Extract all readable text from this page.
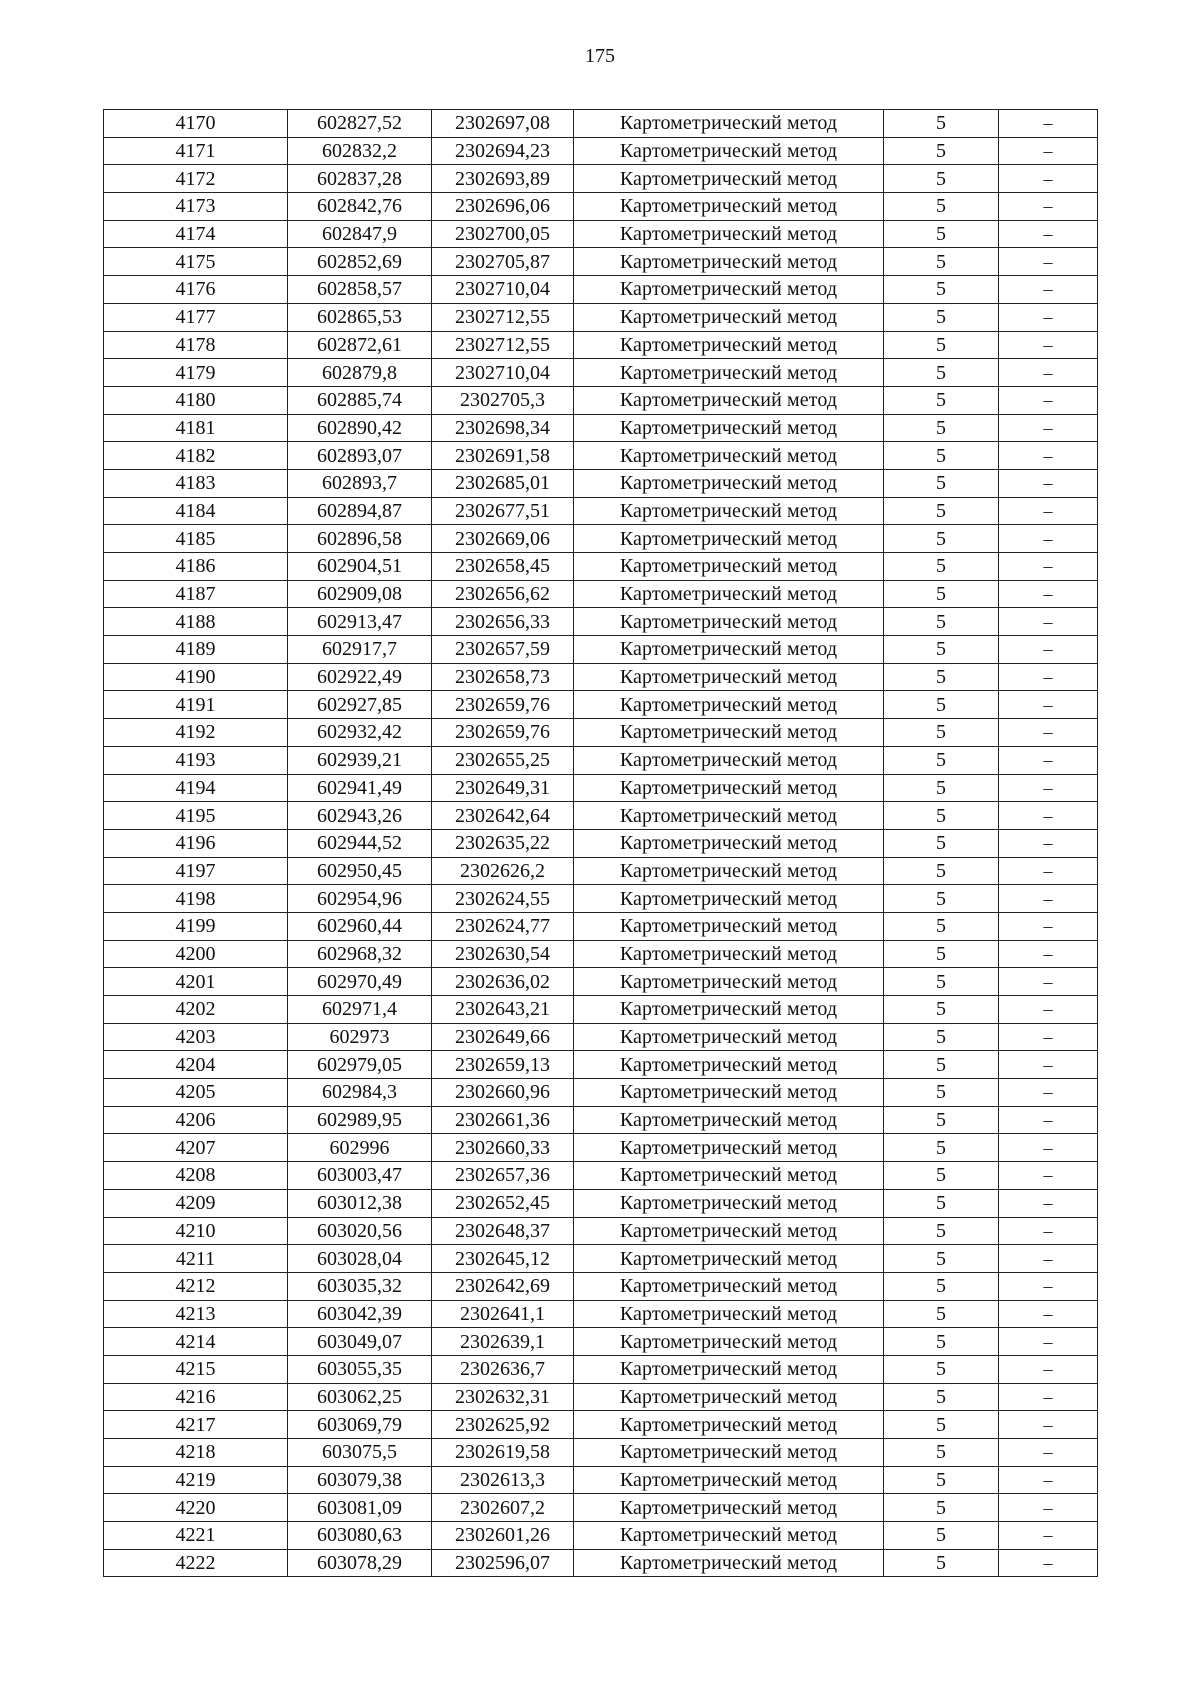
175
4170	602827,52	2302697,08	Картометрический метод	5	–
4171	602832,2	2302694,23	Картометрический метод	5	–
4172	602837,28	2302693,89	Картометрический метод	5	–
4173	602842,76	2302696,06	Картометрический метод	5	–
4174	602847,9	2302700,05	Картометрический метод	5	–
4175	602852,69	2302705,87	Картометрический метод	5	–
4176	602858,57	2302710,04	Картометрический метод	5	–
4177	602865,53	2302712,55	Картометрический метод	5	–
4178	602872,61	2302712,55	Картометрический метод	5	–
4179	602879,8	2302710,04	Картометрический метод	5	–
4180	602885,74	2302705,3	Картометрический метод	5	–
4181	602890,42	2302698,34	Картометрический метод	5	–
4182	602893,07	2302691,58	Картометрический метод	5	–
4183	602893,7	2302685,01	Картометрический метод	5	–
4184	602894,87	2302677,51	Картометрический метод	5	–
4185	602896,58	2302669,06	Картометрический метод	5	–
4186	602904,51	2302658,45	Картометрический метод	5	–
4187	602909,08	2302656,62	Картометрический метод	5	–
4188	602913,47	2302656,33	Картометрический метод	5	–
4189	602917,7	2302657,59	Картометрический метод	5	–
4190	602922,49	2302658,73	Картометрический метод	5	–
4191	602927,85	2302659,76	Картометрический метод	5	–
4192	602932,42	2302659,76	Картометрический метод	5	–
4193	602939,21	2302655,25	Картометрический метод	5	–
4194	602941,49	2302649,31	Картометрический метод	5	–
4195	602943,26	2302642,64	Картометрический метод	5	–
4196	602944,52	2302635,22	Картометрический метод	5	–
4197	602950,45	2302626,2	Картометрический метод	5	–
4198	602954,96	2302624,55	Картометрический метод	5	–
4199	602960,44	2302624,77	Картометрический метод	5	–
4200	602968,32	2302630,54	Картометрический метод	5	–
4201	602970,49	2302636,02	Картометрический метод	5	–
4202	602971,4	2302643,21	Картометрический метод	5	–
4203	602973	2302649,66	Картометрический метод	5	–
4204	602979,05	2302659,13	Картометрический метод	5	–
4205	602984,3	2302660,96	Картометрический метод	5	–
4206	602989,95	2302661,36	Картометрический метод	5	–
4207	602996	2302660,33	Картометрический метод	5	–
4208	603003,47	2302657,36	Картометрический метод	5	–
4209	603012,38	2302652,45	Картометрический метод	5	–
4210	603020,56	2302648,37	Картометрический метод	5	–
4211	603028,04	2302645,12	Картометрический метод	5	–
4212	603035,32	2302642,69	Картометрический метод	5	–
4213	603042,39	2302641,1	Картометрический метод	5	–
4214	603049,07	2302639,1	Картометрический метод	5	–
4215	603055,35	2302636,7	Картометрический метод	5	–
4216	603062,25	2302632,31	Картометрический метод	5	–
4217	603069,79	2302625,92	Картометрический метод	5	–
4218	603075,5	2302619,58	Картометрический метод	5	–
4219	603079,38	2302613,3	Картометрический метод	5	–
4220	603081,09	2302607,2	Картометрический метод	5	–
4221	603080,63	2302601,26	Картометрический метод	5	–
4222	603078,29	2302596,07	Картометрический метод	5	–
